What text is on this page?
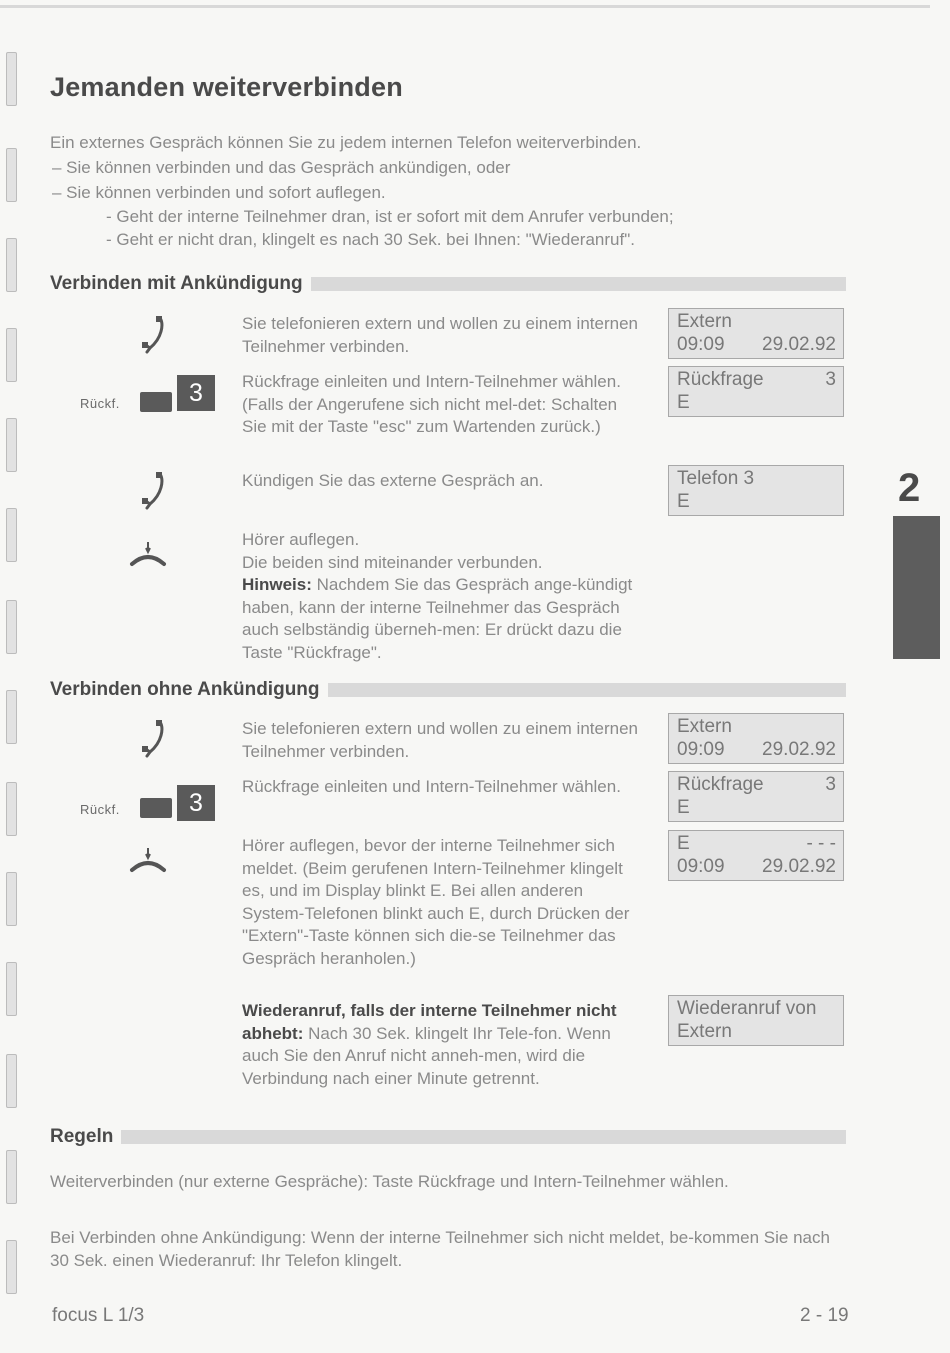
Jemanden weiterverbinden
Ein externes Gespräch können Sie zu jedem internen Telefon weiterverbinden.
– Sie können verbinden und das Gespräch ankündigen, oder
– Sie können verbinden und sofort auflegen.
- Geht der interne Teilnehmer dran, ist er sofort mit dem Anrufer verbunden;
- Geht er nicht dran, klingelt es nach 30 Sek. bei Ihnen: "Wiederanruf".
Verbinden mit Ankündigung
Sie telefonieren extern und wollen zu einem internen Teilnehmer verbinden.
Rückf.	3	Rückfrage einleiten und Intern-Teilnehmer wählen. (Falls der Angerufene sich nicht mel-det: Schalten Sie mit der Taste "esc" zum Wartenden zurück.)
Kündigen Sie das externe Gespräch an.
Hörer auflegen.
Die beiden sind miteinander verbunden.
Hinweis: Nachdem Sie das Gespräch ange-kündigt haben, kann der interne Teilnehmer das Gespräch auch selbständig überneh-men: Er drückt dazu die Taste "Rückfrage".
Extern
09:09 29.02.92
Rückfrage	3
E
Telefon 3
E	2
Verbinden ohne Ankündigung
Sie telefonieren extern und wollen zu einem internen Teilnehmer verbinden.
Rückf.	3
Rückfrage einleiten und Intern-Teilnehmer wählen.
Hörer auflegen, bevor der interne Teilnehmer sich meldet. (Beim gerufenen Intern-Teilnehmer klingelt es, und im Display blinkt E. Bei allen anderen System-Telefonen blinkt auch E, durch Drücken der "Extern"-Taste können sich die-se Teilnehmer das Gespräch heranholen.)
Wiederanruf, falls der interne Teilnehmer nicht abhebt: Nach 30 Sek. klingelt Ihr Tele-fon. Wenn auch Sie den Anruf nicht anneh-men, wird die Verbindung nach einer Minute getrennt.
Extern
09:09 29.02.92
Rückfrage	3
E
E	- - -
09:09 29.02.92
Wiederanruf von
Extern
Regeln
Weiterverbinden (nur externe Gespräche): Taste Rückfrage und Intern-Teilnehmer wählen.
Bei Verbinden ohne Ankündigung: Wenn der interne Teilnehmer sich nicht meldet, be-kommen Sie nach 30 Sek. einen Wiederanruf: Ihr Telefon klingelt.
focus L 1/3	2 - 19
